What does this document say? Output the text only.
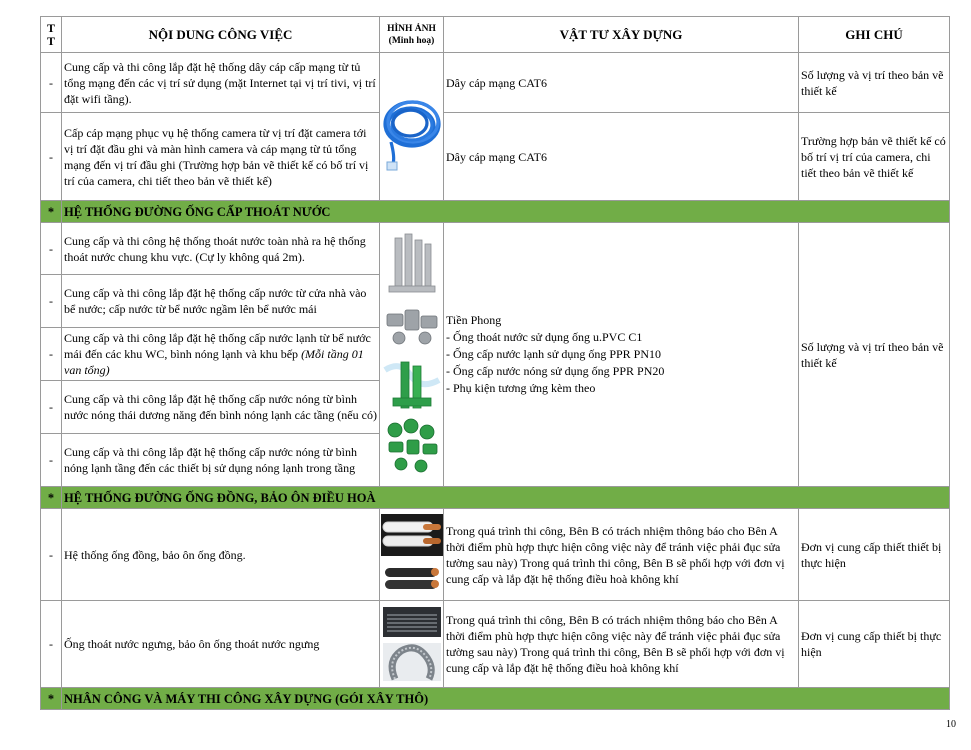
T T	NỘI DUNG CÔNG VIỆC	HÌNH ẢNH
(Minh hoạ)	VẬT TƯ XÂY DỰNG	GHI CHÚ
-	Cung cấp và thi công lắp đặt hệ thống dây cáp cấp mạng từ tủ tổng mạng đến các vị trí sử dụng (mặt Internet tại vị trí tivi, vị trí đặt wifi tầng).		Dây cáp mạng CAT6	Số lượng và vị trí theo bản vẽ thiết kế
-	Cấp cáp mạng phục vụ hệ thống camera từ vị trí đặt camera tới vị trí đặt đầu ghi và màn hình camera và cáp mạng từ tủ tổng mạng đến vị trí đầu ghi (Trường hợp bản vẽ thiết kế có bố trí vị trí của camera, chi tiết theo bản vẽ thiết kế)		Dây cáp mạng CAT6	Trường hợp bản vẽ thiết kế có bố trí vị trí của camera, chi tiết theo bản vẽ thiết kế
*	HỆ THỐNG ĐƯỜNG ỐNG CẤP THOÁT NƯỚC			
-	Cung cấp và thi công hệ thống thoát nước toàn nhà ra hệ thống thoát nước chung khu vực. (Cự ly không quá 2m).		Tiền Phong
- Ống thoát nước sử dụng ống u.PVC C1
- Ống cấp nước lạnh sử dụng ống PPR PN10
- Ống cấp nước nóng sử dụng ống PPR PN20
- Phụ kiện tương ứng kèm theo	Số lượng và vị trí theo bản vẽ thiết kế
-	Cung cấp và thi công lắp đặt hệ thống cấp nước từ cửa nhà vào bể nước; cấp nước từ bể nước ngầm lên bể nước mái			
-	Cung cấp và thi công lắp đặt hệ thống cấp nước lạnh từ bể nước mái đến các khu WC, bình nóng lạnh và khu bếp (Mỗi tầng 01 van tổng)			
-	Cung cấp và thi công lắp đặt hệ thống cấp nước nóng từ bình nước nóng thái dương năng đến bình nóng lạnh các tầng (nếu có)			
-	Cung cấp và thi công lắp đặt hệ thống cấp nước nóng từ bình nóng lạnh tầng đến các thiết bị sử dụng nóng lạnh trong tầng			
*	HỆ THỐNG ĐƯỜNG ỐNG ĐỒNG, BẢO ÔN ĐIỀU HOÀ			
-	Hệ thống ống đồng, bảo ôn ống đồng.		Trong quá trình thi công, Bên B có trách nhiệm thông báo cho Bên A thời điểm phù hợp thực hiện công việc này để tránh việc phải đục sửa tường sau này) Trong quá trình thi công, Bên B sẽ phối hợp với đơn vị cung cấp và lắp đặt hệ thống điều hoà không khí	Đơn vị cung cấp thiết thiết bị thực hiện
-	Ống thoát nước ngưng, bảo ôn ống thoát nước ngưng		Trong quá trình thi công, Bên B có trách nhiệm thông báo cho Bên A thời điểm phù hợp thực hiện công việc này để tránh việc phải đục sửa tường sau này) Trong quá trình thi công, Bên B sẽ phối hợp với đơn vị cung cấp và lắp đặt hệ thống điều hoà không khí	Đơn vị cung cấp thiết bị thực hiện
*	NHÂN CÔNG VÀ MÁY THI CÔNG XÂY DỰNG (GÓI XÂY THÔ)			
10
